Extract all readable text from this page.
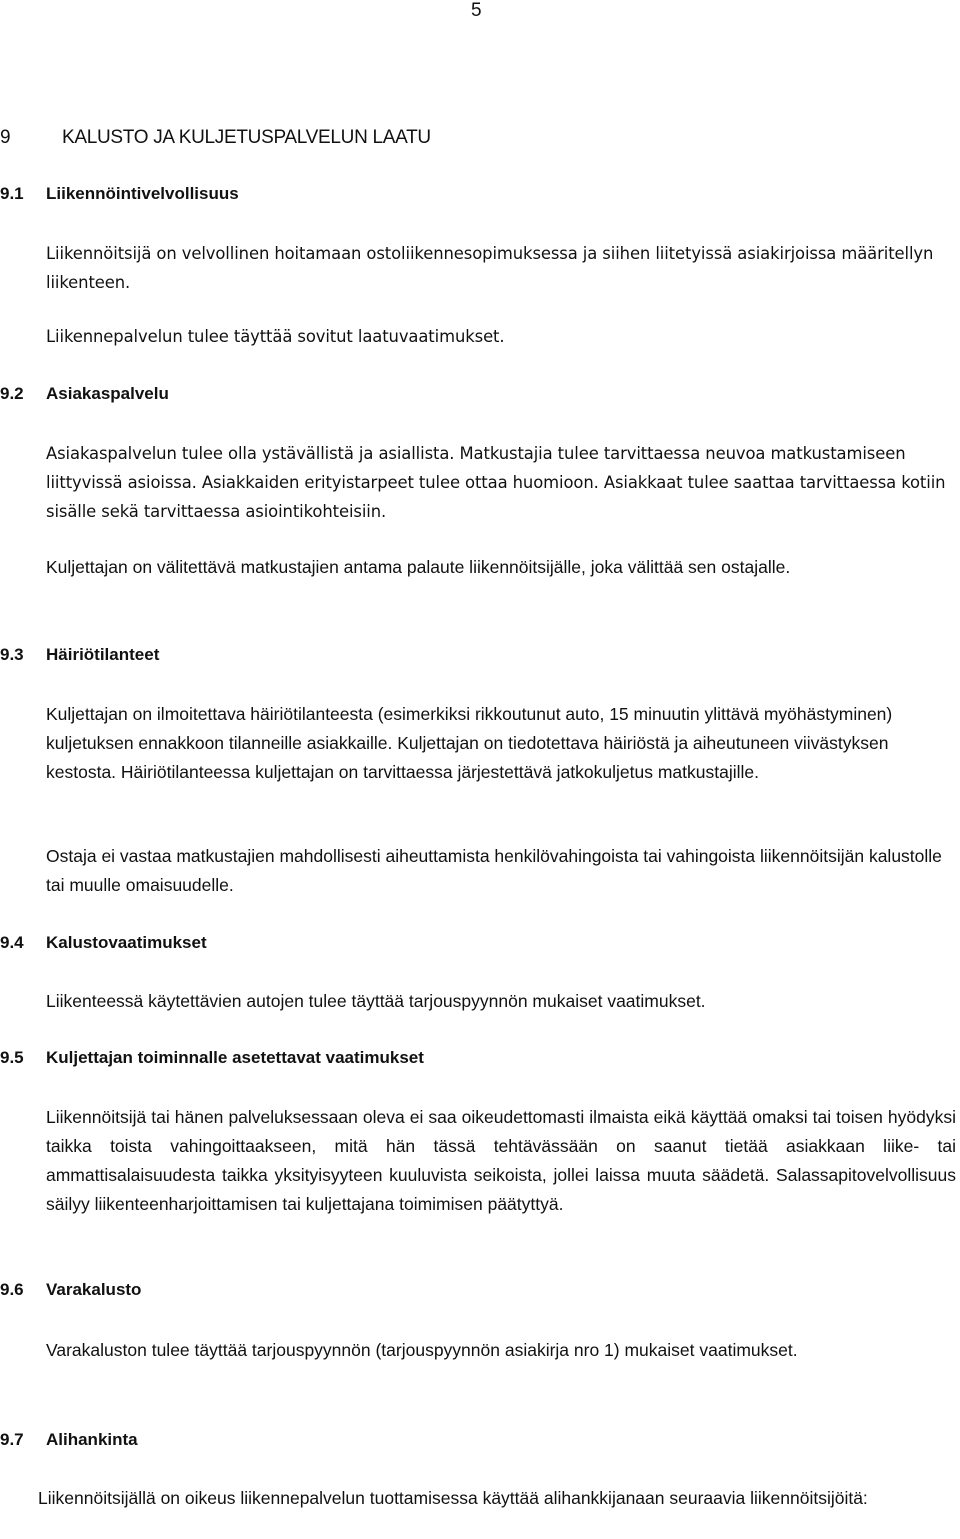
5
9	KALUSTO JA KULJETUSPALVELUN LAATU
9.1 Liikennöintivelvollisuus

Liikennöitsijä on velvollinen hoitamaan ostoliikennesopimuksessa ja siihen liitetyissä asiakirjoissa määritellyn liikenteen.

Liikennepalvelun tulee täyttää sovitut laatuvaatimukset.

9.2 Asiakaspalvelu

Asiakaspalvelun tulee olla ystävällistä ja asiallista. Matkustajia tulee tarvittaessa neuvoa matkustamiseen liittyvissä asioissa. Asiakkaiden erityistarpeet tulee ottaa huomioon. Asiakkaat tulee saattaa tarvittaessa kotiin sisälle sekä tarvittaessa asiointikohteisiin.

Kuljettajan on välitettävä matkustajien antama palaute liikennöitsijälle, joka välittää sen ostajalle.

9.3 Häiriötilanteet

Kuljettajan on ilmoitettava häiriötilanteesta (esimerkiksi rikkoutunut auto, 15 minuutin ylittävä myöhästyminen) kuljetuksen ennakkoon tilanneille asiakkaille. Kuljettajan on tiedotettava häiriöstä ja aiheutuneen viivästyksen kestosta. Häiriötilanteessa kuljettajan on tarvittaessa järjestettävä jatkokuljetus matkustajille.

Ostaja ei vastaa matkustajien mahdollisesti aiheuttamista henkilövahingoista tai vahingoista liikennöitsijän kalustolle tai muulle omaisuudelle.

9.4 Kalustovaatimukset

Liikenteessä käytettävien autojen tulee täyttää tarjouspyynnön mukaiset vaatimukset.

9.5 Kuljettajan toiminnalle asetettavat vaatimukset

Liikennöitsijä tai hänen palveluksessaan oleva ei saa oikeudettomasti ilmaista eikä käyttää omaksi tai toisen hyödyksi taikka toista vahingoittaakseen, mitä hän tässä tehtävässään on saanut tietää asiakkaan liike- tai ammattisalaisuudesta taikka yksityisyyteen kuuluvista seikoista, jollei laissa muuta säädetä. Salassapitovelvollisuus säilyy liikenteenharjoittamisen tai kuljettajana toimimisen päätyttyä.

9.6 Varakalusto

Varakaluston tulee täyttää tarjouspyynnön (tarjouspyynnön asiakirja nro 1) mukaiset vaatimukset.

9.7 Alihankinta

Liikennöitsijällä on oikeus liikennepalvelun tuottamisessa käyttää alihankkijanaan seuraavia liikennöitsijöitä:
